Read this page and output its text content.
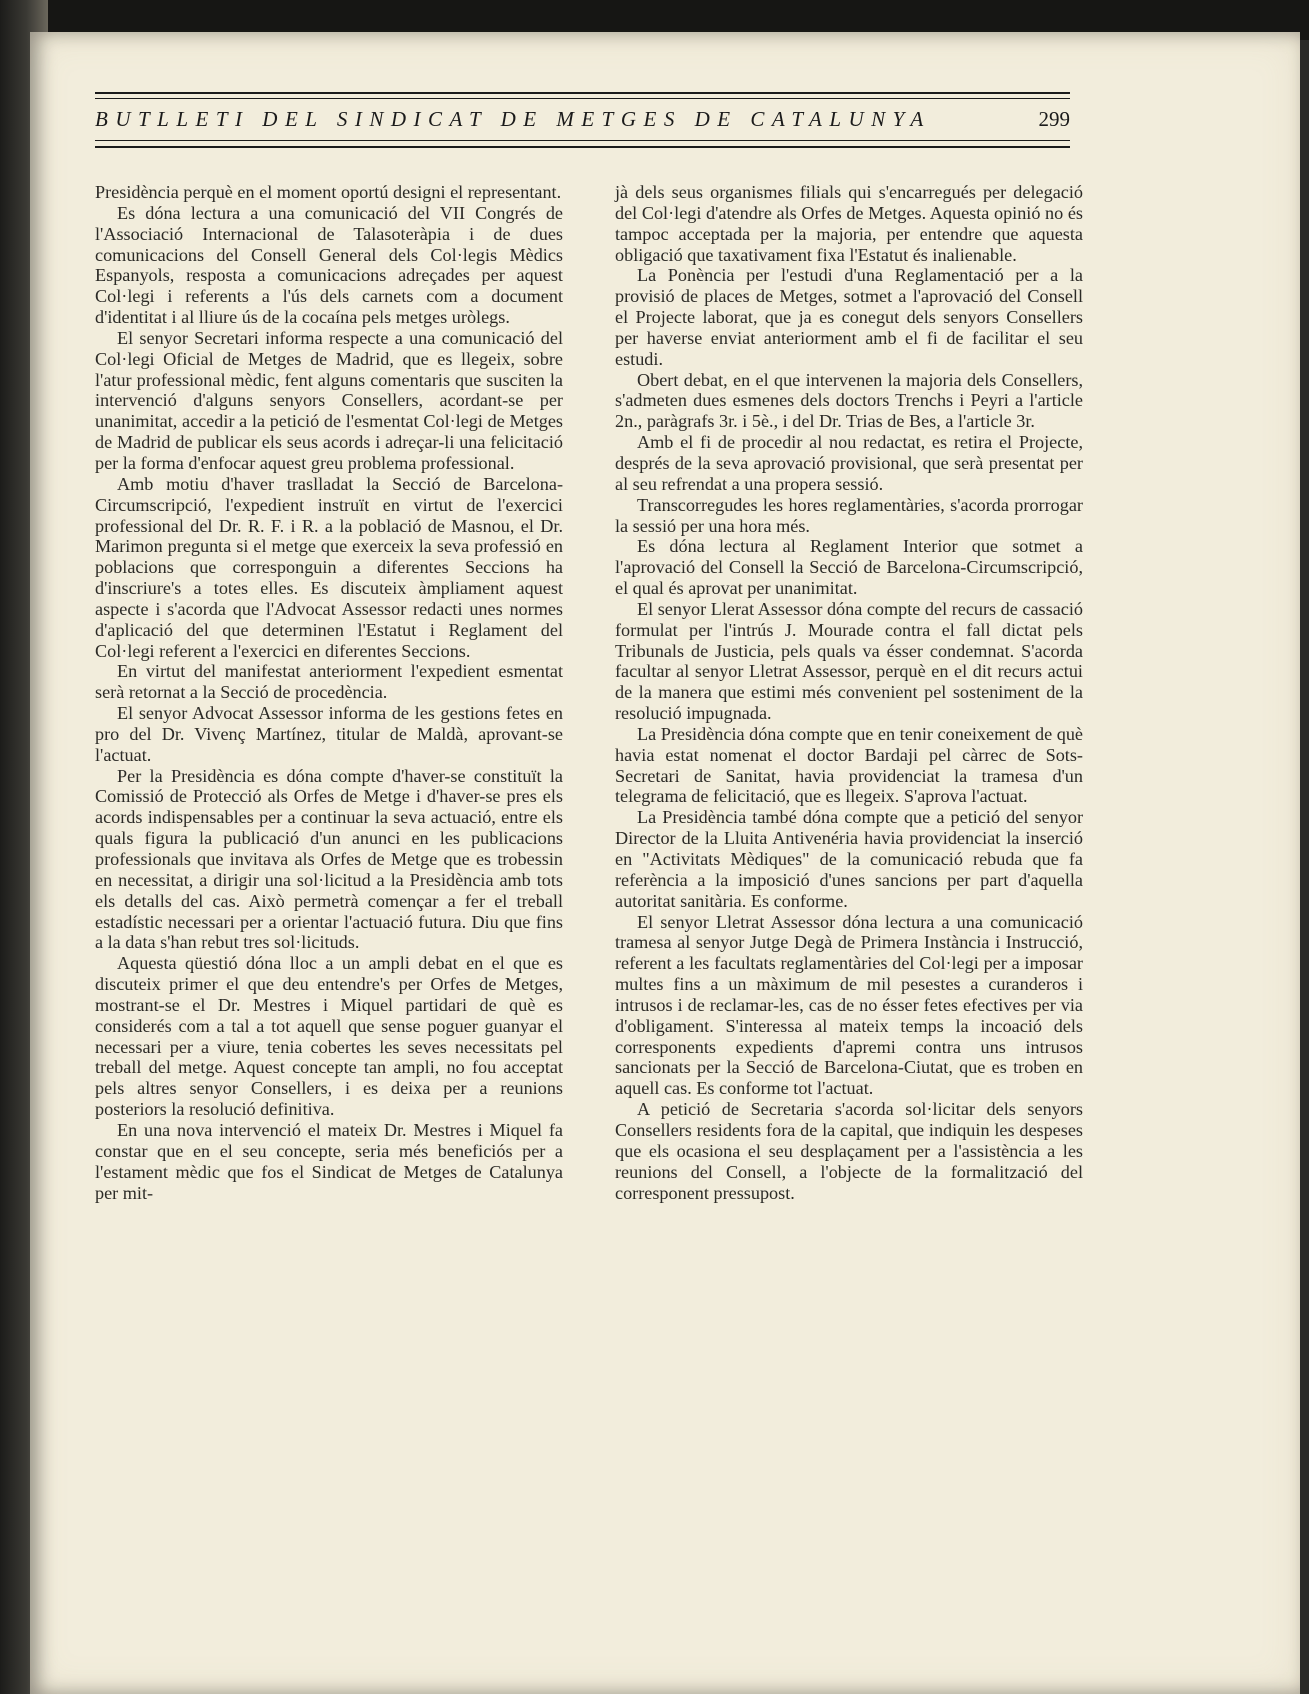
BUTLLETI DEL SINDICAT DE METGES DE CATALUNYA	299

Presidència perquè en el moment oportú designi el representant.

Es dóna lectura a una comunicació del VII Congrés de l'Associació Internacional de Talasoteràpia i de dues comunicacions del Consell General dels Col·legis Mèdics Espanyols, resposta a comunicacions adreçades per aquest Col·legi i referents a l'ús dels carnets com a document d'identitat i al lliure ús de la cocaína pels metges uròlegs.

El senyor Secretari informa respecte a una comunicació del Col·legi Oficial de Metges de Madrid, que es llegeix, sobre l'atur professional mèdic, fent alguns comentaris que susciten la intervenció d'alguns senyors Consellers, acordant-se per unanimitat, accedir a la petició de l'esmentat Col·legi de Metges de Madrid de publicar els seus acords i adreçar-li una felicitació per la forma d'enfocar aquest greu problema professional.

Amb motiu d'haver traslladat la Secció de Barcelona-Circumscripció, l'expedient instruït en virtut de l'exercici professional del Dr. R. F. i R. a la població de Masnou, el Dr. Marimon pregunta si el metge que exerceix la seva professió en poblacions que corresponguin a diferentes Seccions ha d'inscriure's a totes elles. Es discuteix àmpliament aquest aspecte i s'acorda que l'Advocat Assessor redacti unes normes d'aplicació del que determinen l'Estatut i Reglament del Col·legi referent a l'exercici en diferentes Seccions.

En virtut del manifestat anteriorment l'expedient esmentat serà retornat a la Secció de procedència.

El senyor Advocat Assessor informa de les gestions fetes en pro del Dr. Vivenç Martínez, titular de Maldà, aprovant-se l'actuat.

Per la Presidència es dóna compte d'haver-se constituït la Comissió de Protecció als Orfes de Metge i d'haver-se pres els acords indispensables per a continuar la seva actuació, entre els quals figura la publicació d'un anunci en les publicacions professionals que invitava als Orfes de Metge que es trobessin en necessitat, a dirigir una sol·licitud a la Presidència amb tots els detalls del cas. Això permetrà començar a fer el treball estadístic necessari per a orientar l'actuació futura. Diu que fins a la data s'han rebut tres sol·licituds.

Aquesta qüestió dóna lloc a un ampli debat en el que es discuteix primer el que deu entendre's per Orfes de Metges, mostrant-se el Dr. Mestres i Miquel partidari de què es considerés com a tal a tot aquell que sense poguer guanyar el necessari per a viure, tenia cobertes les seves necessitats pel treball del metge. Aquest concepte tan ampli, no fou acceptat pels altres senyor Consellers, i es deixa per a reunions posteriors la resolució definitiva.

En una nova intervenció el mateix Dr. Mestres i Miquel fa constar que en el seu concepte, seria més beneficiós per a l'estament mèdic que fos el Sindicat de Metges de Catalunya per mit-

jà dels seus organismes filials qui s'encarregués per delegació del Col·legi d'atendre als Orfes de Metges. Aquesta opinió no és tampoc acceptada per la majoria, per entendre que aquesta obligació que taxativament fixa l'Estatut és inalienable.

La Ponència per l'estudi d'una Reglamentació per a la provisió de places de Metges, sotmet a l'aprovació del Consell el Projecte laborat, que ja es conegut dels senyors Consellers per haverse enviat anteriorment amb el fi de facilitar el seu estudi.

Obert debat, en el que intervenen la majoria dels Consellers, s'admeten dues esmenes dels doctors Trenchs i Peyri a l'article 2n., paràgrafs 3r. i 5è., i del Dr. Trias de Bes, a l'article 3r.

Amb el fi de procedir al nou redactat, es retira el Projecte, després de la seva aprovació provisional, que serà presentat per al seu refrendat a una propera sessió.

Transcorregudes les hores reglamentàries, s'acorda prorrogar la sessió per una hora més.

Es dóna lectura al Reglament Interior que sotmet a l'aprovació del Consell la Secció de Barcelona-Circumscripció, el qual és aprovat per unanimitat.

El senyor Llerat Assessor dóna compte del recurs de cassació formulat per l'intrús J. Mourade contra el fall dictat pels Tribunals de Justicia, pels quals va ésser condemnat. S'acorda facultar al senyor Lletrat Assessor, perquè en el dit recurs actui de la manera que estimi més convenient pel sosteniment de la resolució impugnada.

La Presidència dóna compte que en tenir coneixement de què havia estat nomenat el doctor Bardaji pel càrrec de Sots-Secretari de Sanitat, havia providenciat la tramesa d'un telegrama de felicitació, que es llegeix. S'aprova l'actuat.

La Presidència també dóna compte que a petició del senyor Director de la Lluita Antivenéria havia providenciat la inserció en "Activitats Mèdiques" de la comunicació rebuda que fa referència a la imposició d'unes sancions per part d'aquella autoritat sanitària. Es conforme.

El senyor Lletrat Assessor dóna lectura a una comunicació tramesa al senyor Jutge Degà de Primera Instància i Instrucció, referent a les facultats reglamentàries del Col·legi per a imposar multes fins a un màximum de mil pesestes a curanderos i intrusos i de reclamar-les, cas de no ésser fetes efectives per via d'obligament. S'interessa al mateix temps la incoació dels corresponents expedients d'apremi contra uns intrusos sancionats per la Secció de Barcelona-Ciutat, que es troben en aquell cas. Es conforme tot l'actuat.

A petició de Secretaria s'acorda sol·licitar dels senyors Consellers residents fora de la capital, que indiquin les despeses que els ocasiona el seu desplaçament per a l'assistència a les reunions del Consell, a l'objecte de la formalització del corresponent pressupost.
